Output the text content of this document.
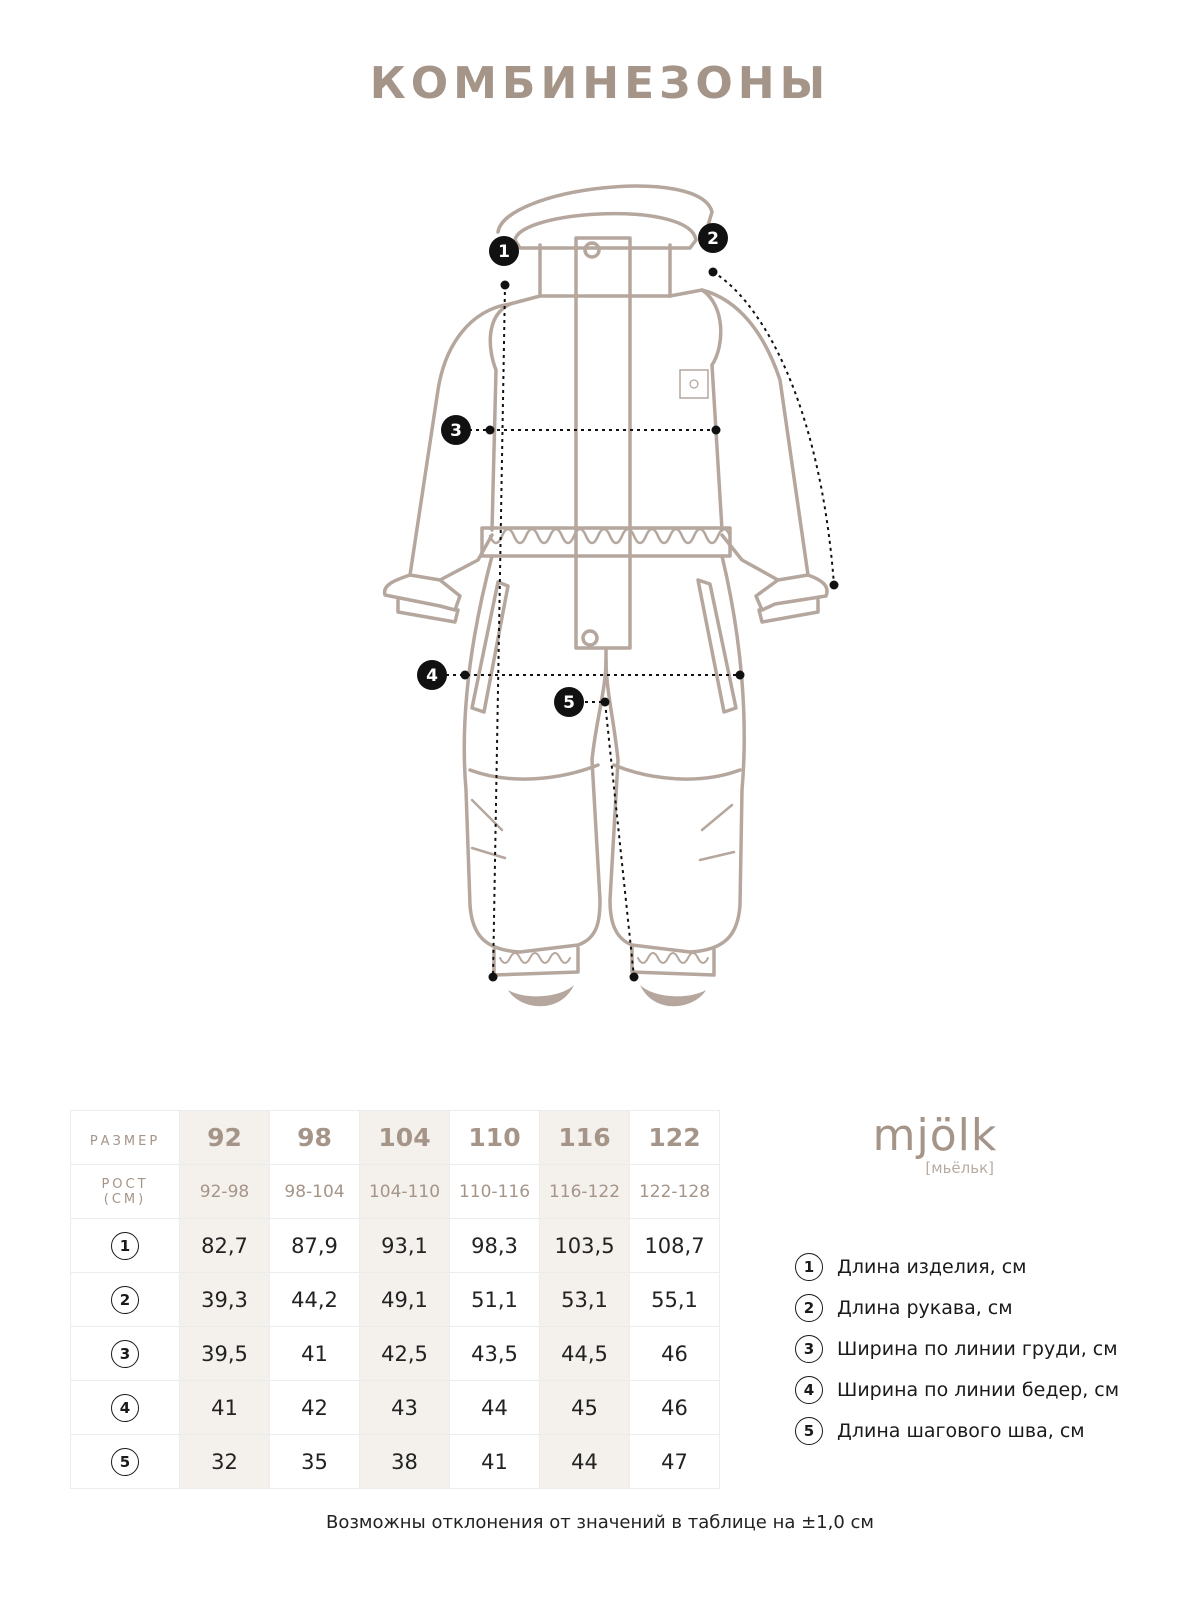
КОМБИНЕЗОНЫ
1
2
3
4
5
РАЗМЕР	92	98	104	110	116	122

РОСТ
(СМ)	92-98	98-104	104-110	110-116	116-122	122-128
1	82,7	87,9	93,1	98,3	103,5	108,7
2	39,3	44,2	49,1	51,1	53,1	55,1
3	39,5	41	42,5	43,5	44,5	46
4	41	42	43	44	45	46
5	32	35	38	41	44	47
mjölk
[мьёльк]
1	Длина изделия, см
2	Длина рукава, см
3	Ширина по линии груди, см
4	Ширина по линии бедер, см
5	Длина шагового шва, см
Возможны отклонения от значений в таблице на ±1,0 см
